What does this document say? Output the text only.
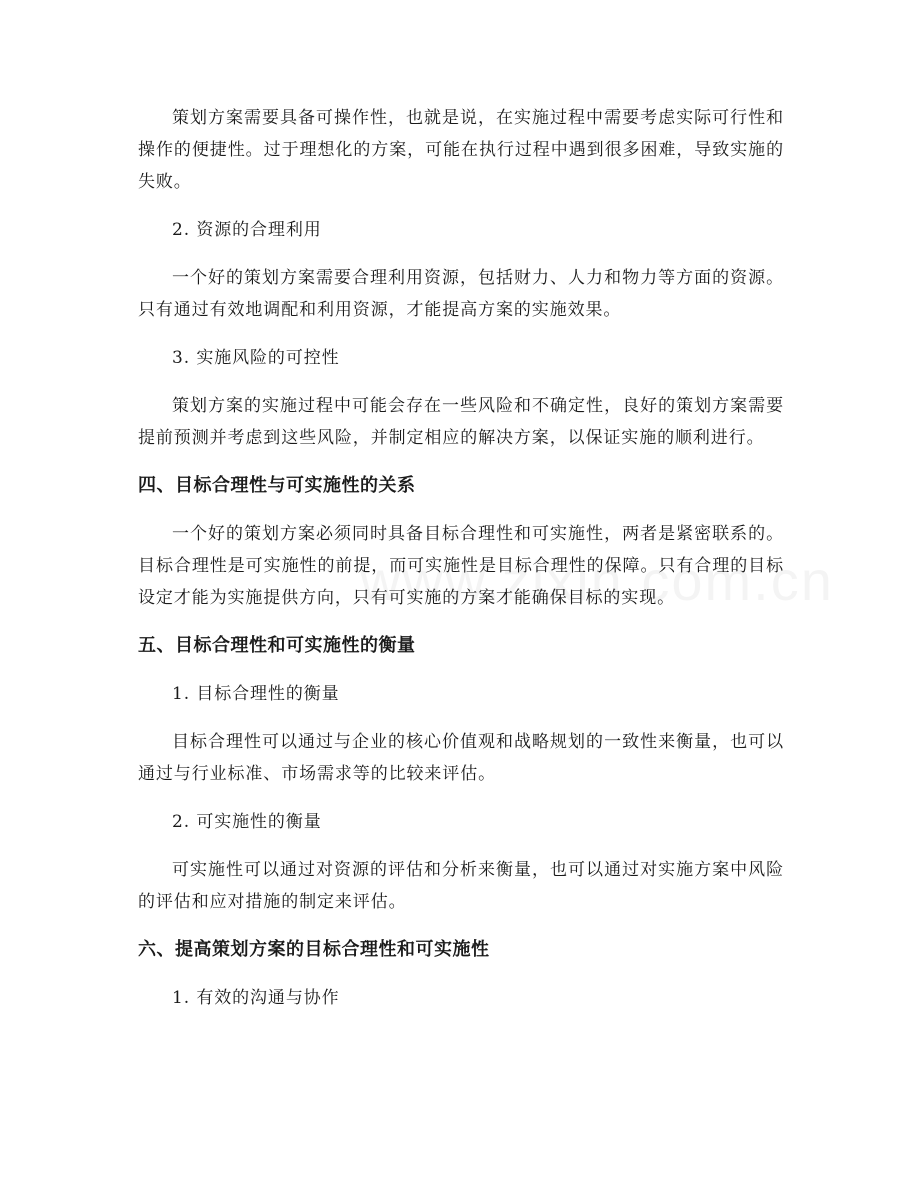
策划方案需要具备可操作性，也就是说，在实施过程中需要考虑实际可行性和操作的便捷性。过于理想化的方案，可能在执行过程中遇到很多困难，导致实施的失败。

2. 资源的合理利用

一个好的策划方案需要合理利用资源，包括财力、人力和物力等方面的资源。只有通过有效地调配和利用资源，才能提高方案的实施效果。

3. 实施风险的可控性

策划方案的实施过程中可能会存在一些风险和不确定性，良好的策划方案需要提前预测并考虑到这些风险，并制定相应的解决方案，以保证实施的顺利进行。

四、目标合理性与可实施性的关系

一个好的策划方案必须同时具备目标合理性和可实施性，两者是紧密联系的。目标合理性是可实施性的前提，而可实施性是目标合理性的保障。只有合理的目标设定才能为实施提供方向，只有可实施的方案才能确保目标的实现。

五、目标合理性和可实施性的衡量

1. 目标合理性的衡量

目标合理性可以通过与企业的核心价值观和战略规划的一致性来衡量，也可以通过与行业标准、市场需求等的比较来评估。

2. 可实施性的衡量

可实施性可以通过对资源的评估和分析来衡量，也可以通过对实施方案中风险的评估和应对措施的制定来评估。

六、提高策划方案的目标合理性和可实施性

1. 有效的沟通与协作
